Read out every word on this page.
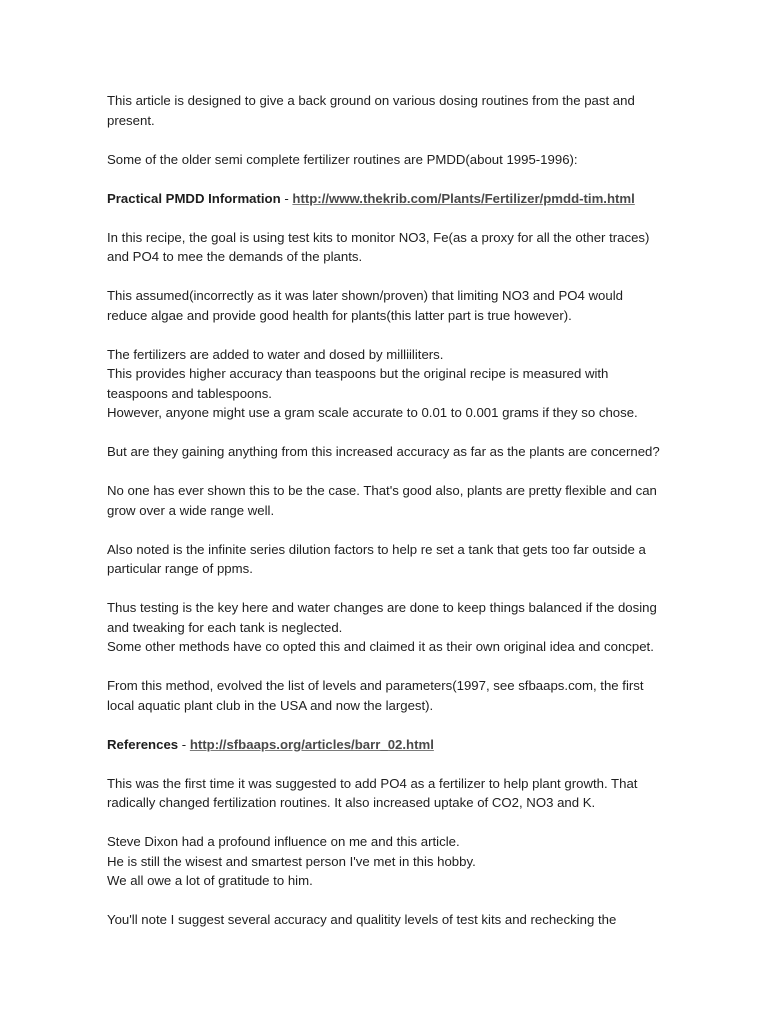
This article is designed to give a back ground on various dosing routines from the past and
present.

Some of the older semi complete fertilizer routines are PMDD(about 1995-1996):

Practical PMDD Information - http://www.thekrib.com/Plants/Fertilizer/pmdd-tim.html

In this recipe, the goal is using test kits to monitor NO3, Fe(as a proxy for all the other traces)
and PO4 to mee the demands of the plants.

This assumed(incorrectly as it was later shown/proven) that limiting NO3 and PO4 would
reduce algae and provide good health for plants(this latter part is true however).

The fertilizers are added to water and dosed by milliiliters.
This provides higher accuracy than teaspoons but the original recipe is measured with
teaspoons and tablespoons.
However, anyone might use a gram scale accurate to 0.01 to 0.001 grams if they so chose.

But are they gaining anything from this increased accuracy as far as the plants are concerned?

No one has ever shown this to be the case. That's good also, plants are pretty flexible and can
grow over a wide range well.

Also noted is the infinite series dilution factors to help re set a tank that gets too far outside a
particular range of ppms.

Thus testing is the key here and water changes are done to keep things balanced if the dosing
and tweaking for each tank is neglected.
Some other methods have co opted this and claimed it as their own original idea and concpet.

From this method, evolved the list of levels and parameters(1997, see sfbaaps.com, the first
local aquatic plant club in the USA and now the largest).

References - http://sfbaaps.org/articles/barr_02.html

This was the first time it was suggested to add PO4 as a fertilizer to help plant growth. That
radically changed fertilization routines. It also increased uptake of CO2, NO3 and K.

Steve Dixon had a profound influence on me and this article.
He is still the wisest and smartest person I've met in this hobby.
We all owe a lot of gratitude to him.

You'll note I suggest several accuracy and qualitity levels of test kits and rechecking the
